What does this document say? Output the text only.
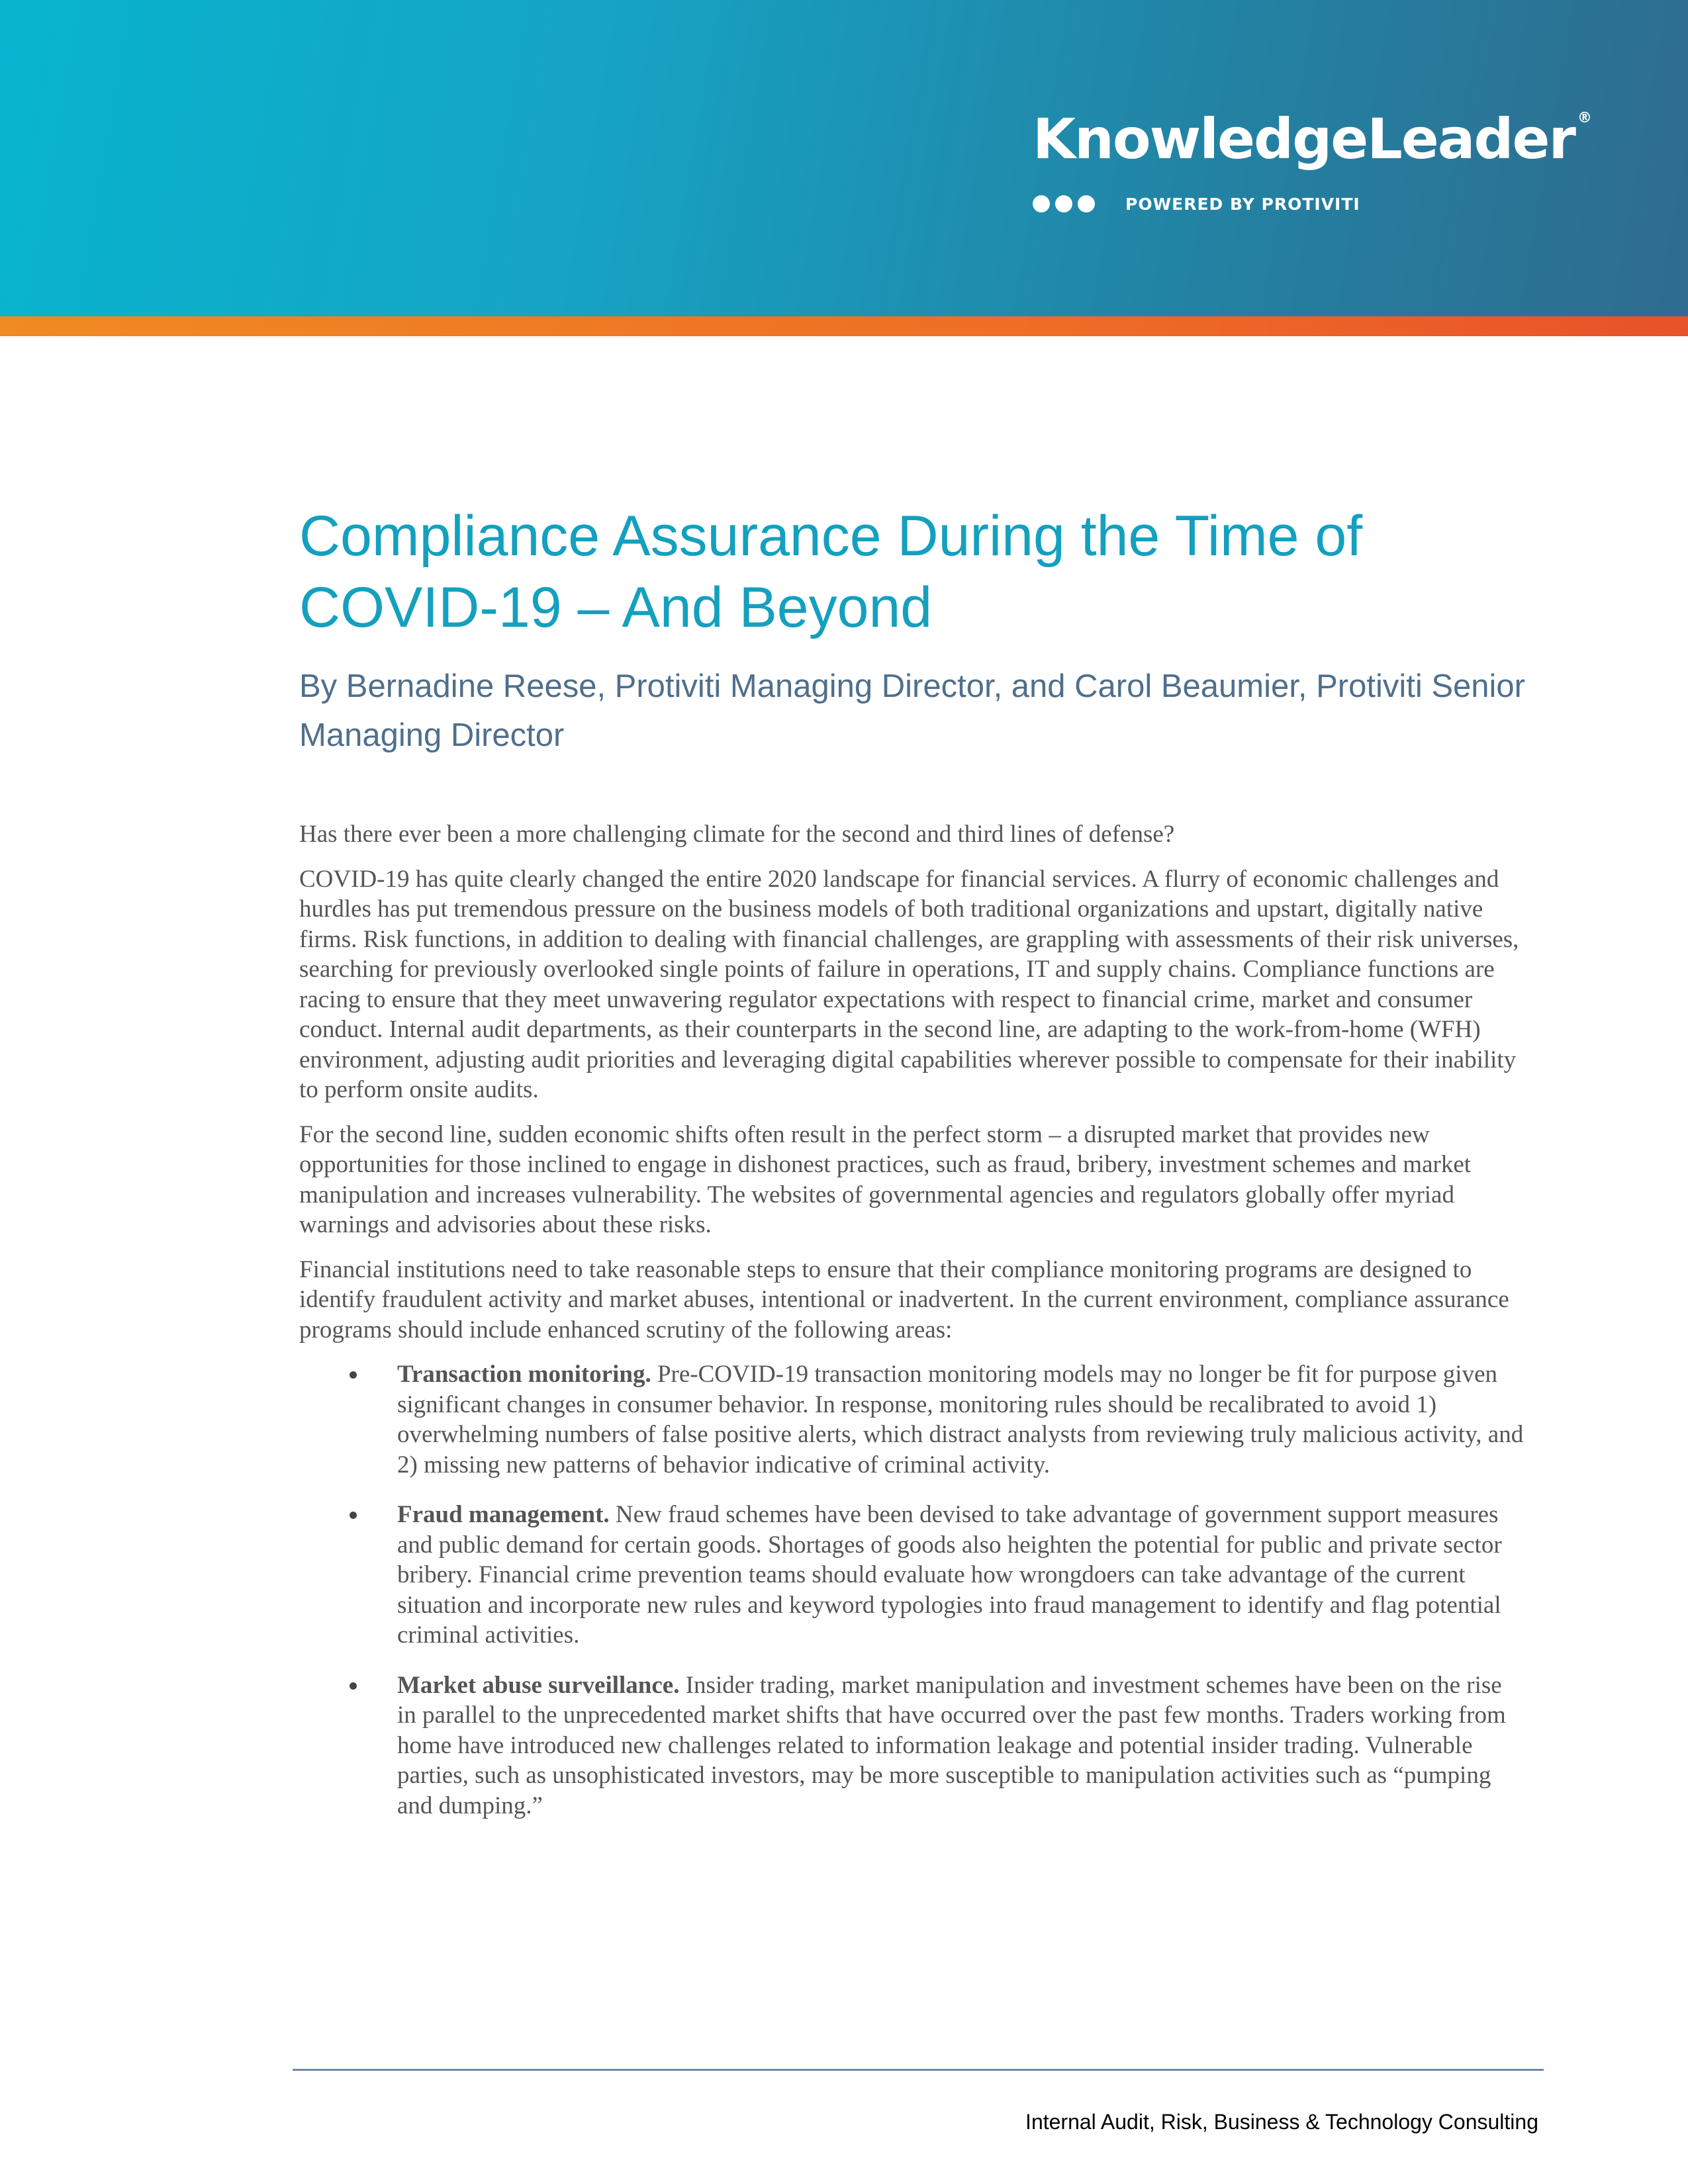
KnowledgeLeader ®
POWERED BY PROTIVITI
Compliance Assurance During the Time of COVID-19 – And Beyond

By Bernadine Reese, Protiviti Managing Director, and Carol Beaumier, Protiviti Senior Managing Director

Has there ever been a more challenging climate for the second and third lines of defense?

COVID-19 has quite clearly changed the entire 2020 landscape for financial services. A flurry of economic challenges and hurdles has put tremendous pressure on the business models of both traditional organizations and upstart, digitally native firms. Risk functions, in addition to dealing with financial challenges, are grappling with assessments of their risk universes, searching for previously overlooked single points of failure in operations, IT and supply chains. Compliance functions are racing to ensure that they meet unwavering regulator expectations with respect to financial crime, market and consumer conduct. Internal audit departments, as their counterparts in the second line, are adapting to the work-from-home (WFH) environment, adjusting audit priorities and leveraging digital capabilities wherever possible to compensate for their inability to perform onsite audits.

For the second line, sudden economic shifts often result in the perfect storm – a disrupted market that provides new opportunities for those inclined to engage in dishonest practices, such as fraud, bribery, investment schemes and market manipulation and increases vulnerability. The websites of governmental agencies and regulators globally offer myriad warnings and advisories about these risks.

Financial institutions need to take reasonable steps to ensure that their compliance monitoring programs are designed to identify fraudulent activity and market abuses, intentional or inadvertent. In the current environment, compliance assurance programs should include enhanced scrutiny of the following areas:

Transaction monitoring. Pre-COVID-19 transaction monitoring models may no longer be fit for purpose given significant changes in consumer behavior. In response, monitoring rules should be recalibrated to avoid 1) overwhelming numbers of false positive alerts, which distract analysts from reviewing truly malicious activity, and 2) missing new patterns of behavior indicative of criminal activity.
Fraud management. New fraud schemes have been devised to take advantage of government support measures and public demand for certain goods. Shortages of goods also heighten the potential for public and private sector bribery. Financial crime prevention teams should evaluate how wrongdoers can take advantage of the current situation and incorporate new rules and keyword typologies into fraud management to identify and flag potential criminal activities.
Market abuse surveillance. Insider trading, market manipulation and investment schemes have been on the rise in parallel to the unprecedented market shifts that have occurred over the past few months. Traders working from home have introduced new challenges related to information leakage and potential insider trading. Vulnerable parties, such as unsophisticated investors, may be more susceptible to manipulation activities such as “pumping and dumping.”
Internal Audit, Risk, Business & Technology Consulting
